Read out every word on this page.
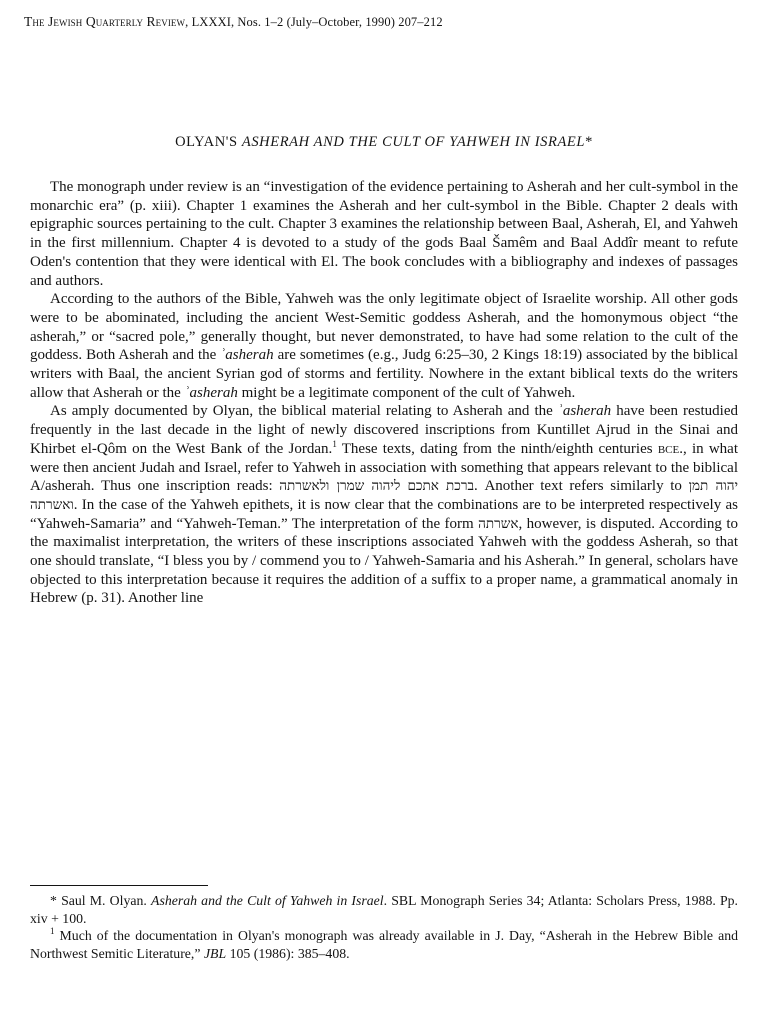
The Jewish Quarterly Review, LXXXI, Nos. 1–2 (July–October, 1990) 207–212
OLYAN'S ASHERAH AND THE CULT OF YAHWEH IN ISRAEL*

The monograph under review is an “investigation of the evidence pertaining to Asherah and her cult-symbol in the monarchic era” (p. xiii). Chapter 1 examines the Asherah and her cult-symbol in the Bible. Chapter 2 deals with epigraphic sources pertaining to the cult. Chapter 3 examines the relationship between Baal, Asherah, El, and Yahweh in the first millennium. Chapter 4 is devoted to a study of the gods Baal Šamêm and Baal Addîr meant to refute Oden's contention that they were identical with El. The book concludes with a bibliography and indexes of passages and authors.

According to the authors of the Bible, Yahweh was the only legitimate object of Israelite worship. All other gods were to be abominated, including the ancient West-Semitic goddess Asherah, and the homonymous object “the asherah,” or “sacred pole,” generally thought, but never demonstrated, to have had some relation to the cult of the goddess. Both Asherah and the ʾasherah are sometimes (e.g., Judg 6:25–30, 2 Kings 18:19) associated by the biblical writers with Baal, the ancient Syrian god of storms and fertility. Nowhere in the extant biblical texts do the writers allow that Asherah or the ʾasherah might be a legitimate component of the cult of Yahweh.

As amply documented by Olyan, the biblical material relating to Asherah and the ʾasherah have been restudied frequently in the last decade in the light of newly discovered inscriptions from Kuntillet Ajrud in the Sinai and Khirbet el-Qôm on the West Bank of the Jordan.$^1$ These texts, dating from the ninth/eighth centuries bce., in what were then ancient Judah and Israel, refer to Yahweh in association with something that appears relevant to the biblical A/asherah. Thus one inscription reads: ברכת אתכם ליהוה שמרן ולאשרתה. Another text refers similarly to יהוה תמן ואשרתה. In the case of the Yahweh epithets, it is now clear that the combinations are to be interpreted respectively as “Yahweh-Samaria” and “Yahweh-Teman.” The interpretation of the form אשרתה, however, is disputed. According to the maximalist interpretation, the writers of these inscriptions associated Yahweh with the goddess Asherah, so that one should translate, “I bless you by / commend you to / Yahweh-Samaria and his Asherah.” In general, scholars have objected to this interpretation because it requires the addition of a suffix to a proper name, a grammatical anomaly in Hebrew (p. 31). Another line

* Saul M. Olyan. Asherah and the Cult of Yahweh in Israel. SBL Monograph Series 34; Atlanta: Scholars Press, 1988. Pp. xiv + 100.

$^1$ Much of the documentation in Olyan's monograph was already available in J. Day, “Asherah in the Hebrew Bible and Northwest Semitic Literature,” JBL 105 (1986): 385–408.
